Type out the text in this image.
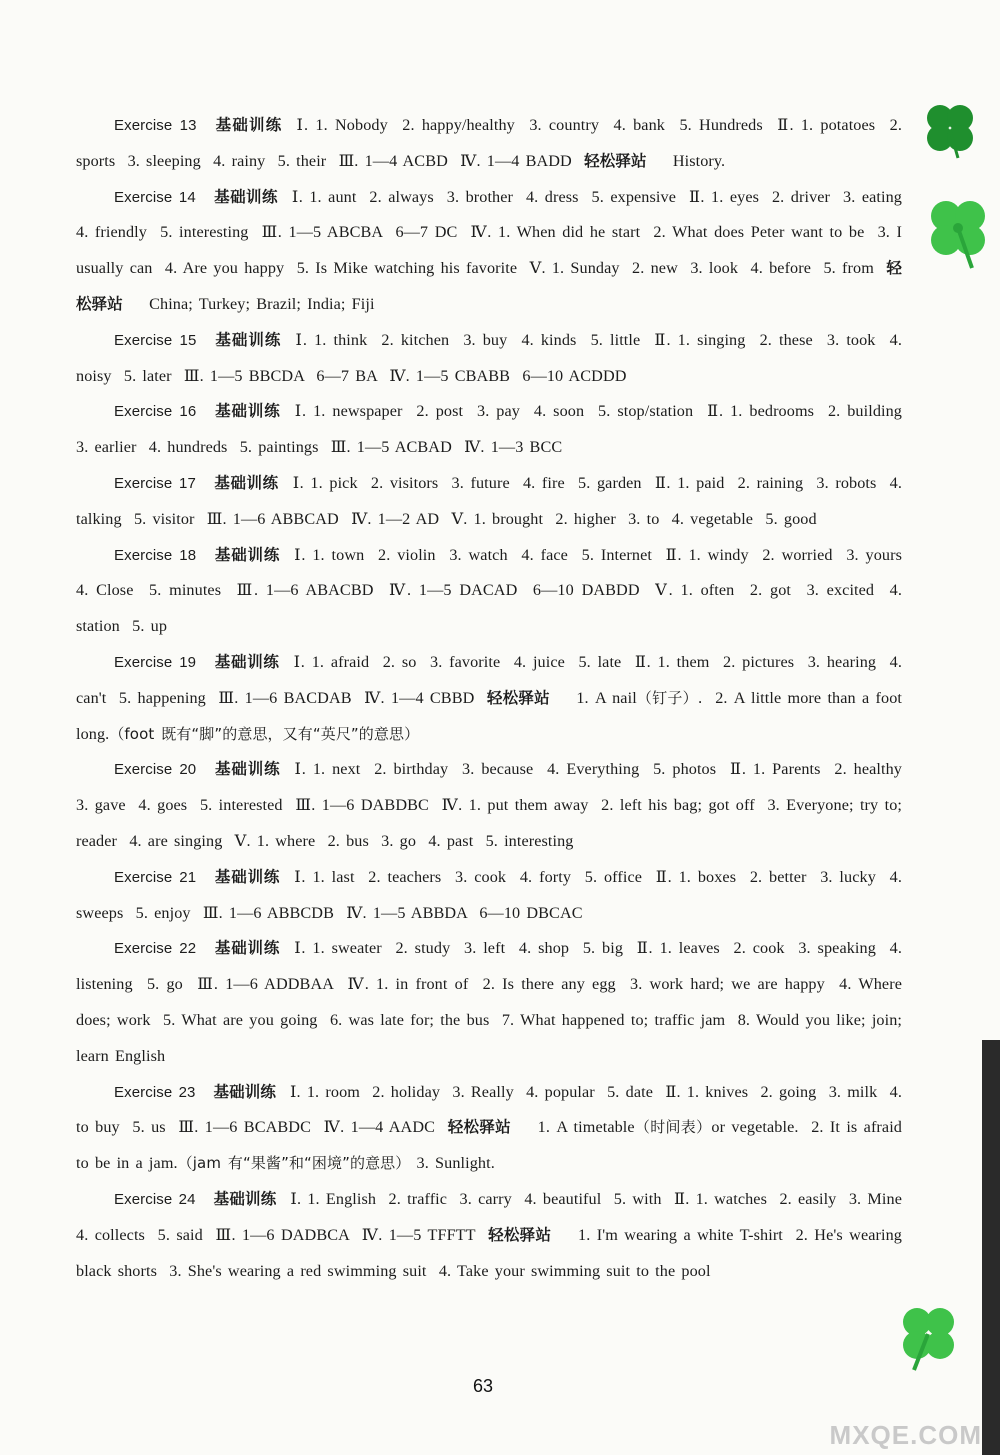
Exercise 13 基础训练 Ⅰ. 1. Nobody  2. happy/healthy  3. country  4. bank  5. Hundreds  Ⅱ. 1. potatoes  2. sports  3. sleeping  4. rainy  5. their  Ⅲ. 1—4 ACBD  Ⅳ. 1—4 BADD  轻松驿站  History.
Exercise 14 基础训练 Ⅰ. 1. aunt  2. always  3. brother  4. dress  5. expensive  Ⅱ. 1. eyes  2. driver  3. eating  4. friendly  5. interesting  Ⅲ. 1—5 ABCBA  6—7 DC  Ⅳ. 1. When did he start  2. What does Peter want to be  3. I usually can  4. Are you happy  5. Is Mike watching his favorite  Ⅴ. 1. Sunday  2. new  3. look  4. before  5. from  轻松驿站  China; Turkey; Brazil; India; Fiji
Exercise 15 基础训练 Ⅰ. 1. think  2. kitchen  3. buy  4. kinds  5. little  Ⅱ. 1. singing  2. these  3. took  4. noisy  5. later  Ⅲ. 1—5 BBCDA  6—7 BA  Ⅳ. 1—5 CBABB  6—10 ACDDD
Exercise 16 基础训练 Ⅰ. 1. newspaper  2. post  3. pay  4. soon  5. stop/station  Ⅱ. 1. bedrooms  2. building  3. earlier  4. hundreds  5. paintings  Ⅲ. 1—5 ACBAD  Ⅳ. 1—3 BCC
Exercise 17 基础训练 Ⅰ. 1. pick  2. visitors  3. future  4. fire  5. garden  Ⅱ. 1. paid  2. raining  3. robots  4. talking  5. visitor  Ⅲ. 1—6 ABBCAD  Ⅳ. 1—2 AD  Ⅴ. 1. brought  2. higher  3. to  4. vegetable  5. good
Exercise 18 基础训练 Ⅰ. 1. town  2. violin  3. watch  4. face  5. Internet  Ⅱ. 1. windy  2. worried  3. yours  4. Close  5. minutes  Ⅲ. 1—6 ABACBD  Ⅳ. 1—5 DACAD  6—10 DABDD  Ⅴ. 1. often  2. got  3. excited  4. station  5. up
Exercise 19 基础训练 Ⅰ. 1. afraid  2. so  3. favorite  4. juice  5. late  Ⅱ. 1. them  2. pictures  3. hearing  4. can't  5. happening  Ⅲ. 1—6 BACDAB  Ⅳ. 1—4 CBBD  轻松驿站  1. A nail（钉子）.  2. A little more than a foot long.（foot 既有“脚”的意思，又有“英尺”的意思）
Exercise 20 基础训练 Ⅰ. 1. next  2. birthday  3. because  4. Everything  5. photos  Ⅱ. 1. Parents  2. healthy  3. gave  4. goes  5. interested  Ⅲ. 1—6 DABDBC  Ⅳ. 1. put them away  2. left his bag; got off  3. Everyone; try to; reader  4. are singing  Ⅴ. 1. where  2. bus  3. go  4. past  5. interesting
Exercise 21 基础训练 Ⅰ. 1. last  2. teachers  3. cook  4. forty  5. office  Ⅱ. 1. boxes  2. better  3. lucky  4. sweeps  5. enjoy  Ⅲ. 1—6 ABBCDB  Ⅳ. 1—5 ABBDA  6—10 DBCAC
Exercise 22 基础训练 Ⅰ. 1. sweater  2. study  3. left  4. shop  5. big  Ⅱ. 1. leaves  2. cook  3. speaking  4. listening  5. go  Ⅲ. 1—6 ADDBAA  Ⅳ. 1. in front of  2. Is there any egg  3. work hard; we are happy  4. Where does; work  5. What are you going  6. was late for; the bus  7. What happened to; traffic jam  8. Would you like; join; learn English
Exercise 23 基础训练 Ⅰ. 1. room  2. holiday  3. Really  4. popular  5. date  Ⅱ. 1. knives  2. going  3. milk  4. to buy  5. us  Ⅲ. 1—6 BCABDC  Ⅳ. 1—4 AADC  轻松驿站  1. A timetable（时间表）or vegetable.  2. It is afraid to be in a jam.（jam 有“果酱”和“困境”的意思） 3. Sunlight.
Exercise 24 基础训练 Ⅰ. 1. English  2. traffic  3. carry  4. beautiful  5. with  Ⅱ. 1. watches  2. easily  3. Mine  4. collects  5. said  Ⅲ. 1—6 DADBCA  Ⅳ. 1—5 TFFTT  轻松驿站  1. I'm wearing a white T-shirt  2. He's wearing black shorts  3. She's wearing a red swimming suit  4. Take your swimming suit to the pool
63
MXQE.COM
